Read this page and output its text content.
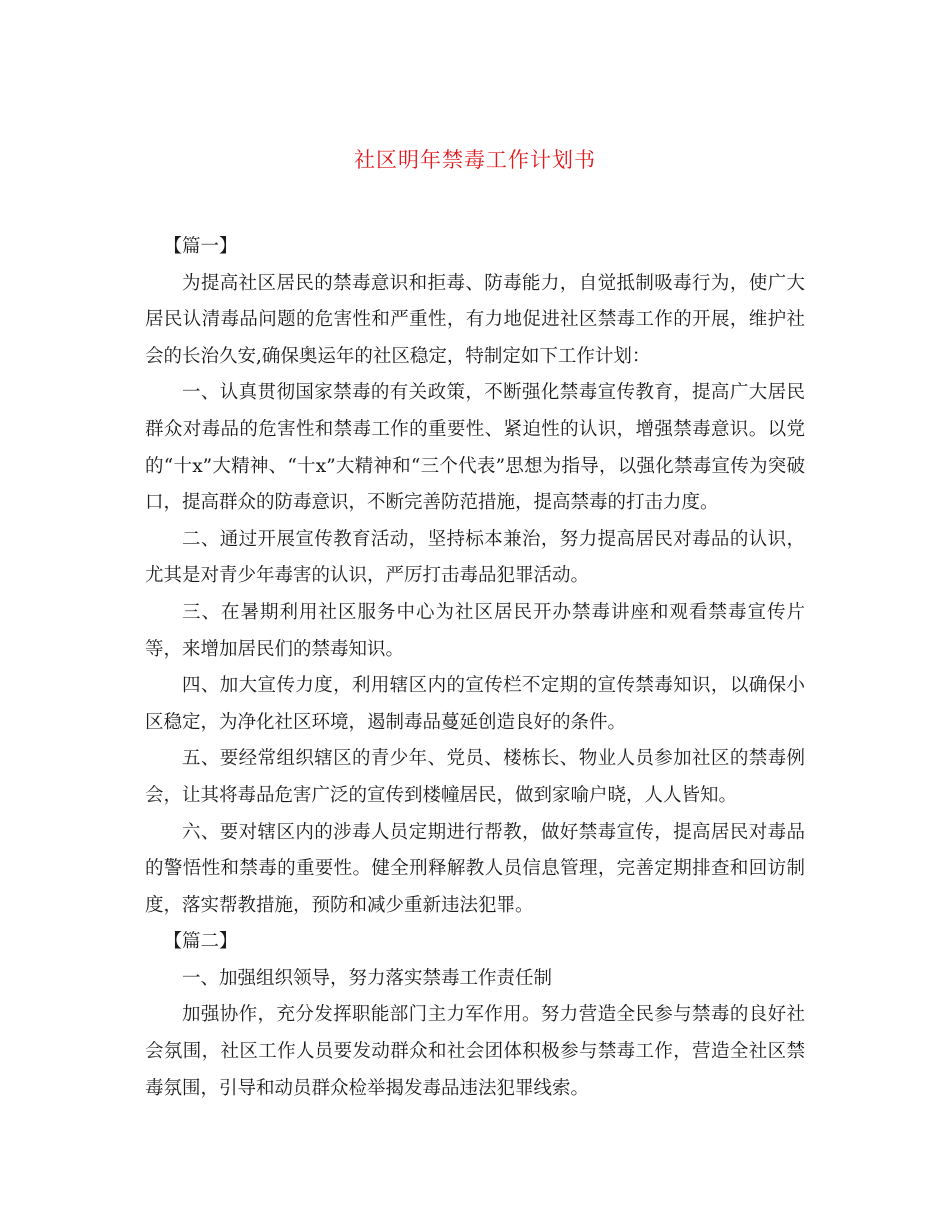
社区明年禁毒工作计划书

【篇一】

为提高社区居民的禁毒意识和拒毒、防毒能力，自觉抵制吸毒行为，使广大居民认清毒品问题的危害性和严重性，有力地促进社区禁毒工作的开展，维护社会的长治久安,确保奥运年的社区稳定，特制定如下工作计划：

一、认真贯彻国家禁毒的有关政策，不断强化禁毒宣传教育，提高广大居民群众对毒品的危害性和禁毒工作的重要性、紧迫性的认识，增强禁毒意识。以党的“十x”大精神、“十x”大精神和“三个代表”思想为指导，以强化禁毒宣传为突破口，提高群众的防毒意识，不断完善防范措施，提高禁毒的打击力度。

二、通过开展宣传教育活动，坚持标本兼治，努力提高居民对毒品的认识，尤其是对青少年毒害的认识，严厉打击毒品犯罪活动。

三、在暑期利用社区服务中心为社区居民开办禁毒讲座和观看禁毒宣传片等，来增加居民们的禁毒知识。

四、加大宣传力度，利用辖区内的宣传栏不定期的宣传禁毒知识，以确保小区稳定，为净化社区环境，遏制毒品蔓延创造良好的条件。

五、要经常组织辖区的青少年、党员、楼栋长、物业人员参加社区的禁毒例会，让其将毒品危害广泛的宣传到楼幢居民，做到家喻户晓，人人皆知。

六、要对辖区内的涉毒人员定期进行帮教，做好禁毒宣传，提高居民对毒品的警悟性和禁毒的重要性。健全刑释解教人员信息管理，完善定期排查和回访制度，落实帮教措施，预防和减少重新违法犯罪。

【篇二】

一、加强组织领导，努力落实禁毒工作责任制

加强协作，充分发挥职能部门主力军作用。努力营造全民参与禁毒的良好社会氛围，社区工作人员要发动群众和社会团体积极参与禁毒工作，营造全社区禁毒氛围，引导和动员群众检举揭发毒品违法犯罪线索。
